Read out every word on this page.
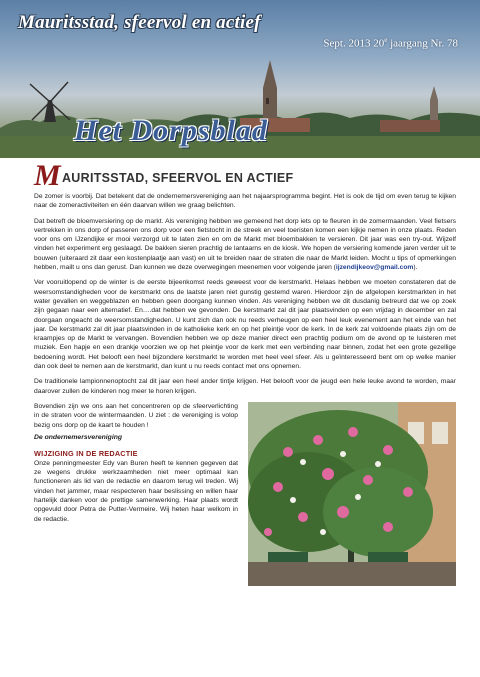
Mauritsstad, sfeervol en actief
Sept. 2013 20e jaargang Nr. 78
Het Dorpsblad
MAURITSSTAD, SFEERVOL EN ACTIEF

De zomer is voorbij. Dat betekent dat de ondernemersvereniging aan het najaarsprogramma begint. Het is ook de tijd om even terug te kijken naar de zomeractiviteiten en één daarvan willen we graag belichten.

Dat betreft de bloemversiering op de markt. Als vereniging hebben we gemeend het dorp iets op te fleuren in de zomermaanden. Veel fietsers vertrekken in ons dorp of passeren ons dorp voor een fietstocht in de streek en veel toeristen komen een kijkje nemen in onze plaats. Reden voor ons om IJzendijke er mooi verzorgd uit te laten zien en om de Markt met bloembakken te versieren. Dit jaar was een try-out. Wijzelf vinden het experiment erg geslaagd. De bakken sieren prachtig de lantaarns en de kiosk. We hopen de versiering komende jaren verder uit te bouwen (uiteraard zit daar een kostenplaatje aan vast) en uit te breiden naar de straten die naar de Markt leiden. Mocht u tips of opmerkingen hebben, mailt u ons dan gerust. Dan kunnen we deze overwegingen meenemen voor volgende jaren (ijzendijkeov@gmail.com).

Ver vooruitlopend op de winter is de eerste bijeenkomst reeds geweest voor de kerstmarkt. Helaas hebben we moeten constateren dat de weersomstandigheden voor de kerstmarkt ons de laatste jaren niet gunstig gestemd waren. Hierdoor zijn de afgelopen kerstmarkten in het water gevallen en weggeblazen en hebben geen doorgang kunnen vinden. Als vereniging hebben we dit dusdanig betreurd dat we op zoek zijn gegaan naar een alternatief. En….dat hebben we gevonden. De kerstmarkt zal dit jaar plaatsvinden op een vrijdag in december en zal doorgaan ongeacht de weersomstandigheden. U kunt zich dan ook nu reeds verheugen op een heel leuk evenement aan het einde van het jaar. De kerstmarkt zal dit jaar plaatsvinden in de katholieke kerk en op het pleintje voor de kerk. In de kerk zal voldoende plaats zijn om de kraampjes op de Markt te vervangen. Bovendien hebben we op deze manier direct een prachtig podium om de avond op te luisteren met muziek. Een hapje en een drankje voorzien we op het pleintje voor de kerk met een verbinding naar binnen, zodat het een grote gezellige bedoening wordt. Het belooft een heel bijzondere kerstmarkt te worden met heel veel sfeer. Als u geïnteresseerd bent om op welke manier dan ook deel te nemen aan de kerstmarkt, dan kunt u nu reeds contact met ons opnemen.

De traditionele lampionnenoptocht zal dit jaar een heel ander tintje krijgen. Het belooft voor de jeugd een hele leuke avond te worden, maar daarover zullen de kinderen nog meer te horen krijgen.

Bovendien zijn we ons aan het concentreren op de sfeerverlichting in de straten voor de wintermaanden. U ziet : de vereniging is volop bezig ons dorp op de kaart te houden !

De ondernemersvereniging
WIJZIGING IN DE REDACTIE

Onze penningmeester Edy van Buren heeft te kennen gegeven dat ze wegens drukke werkzaamheden niet meer optimaal kan functioneren als lid van de redactie en daarom terug wil treden. Wij vinden het jammer, maar respecteren haar beslissing en willen haar hartelijk danken voor de prettige samenwerking. Haar plaats wordt opgevuld door Petra de Putter-Vermeire. Wij heten haar welkom in de redactie.
